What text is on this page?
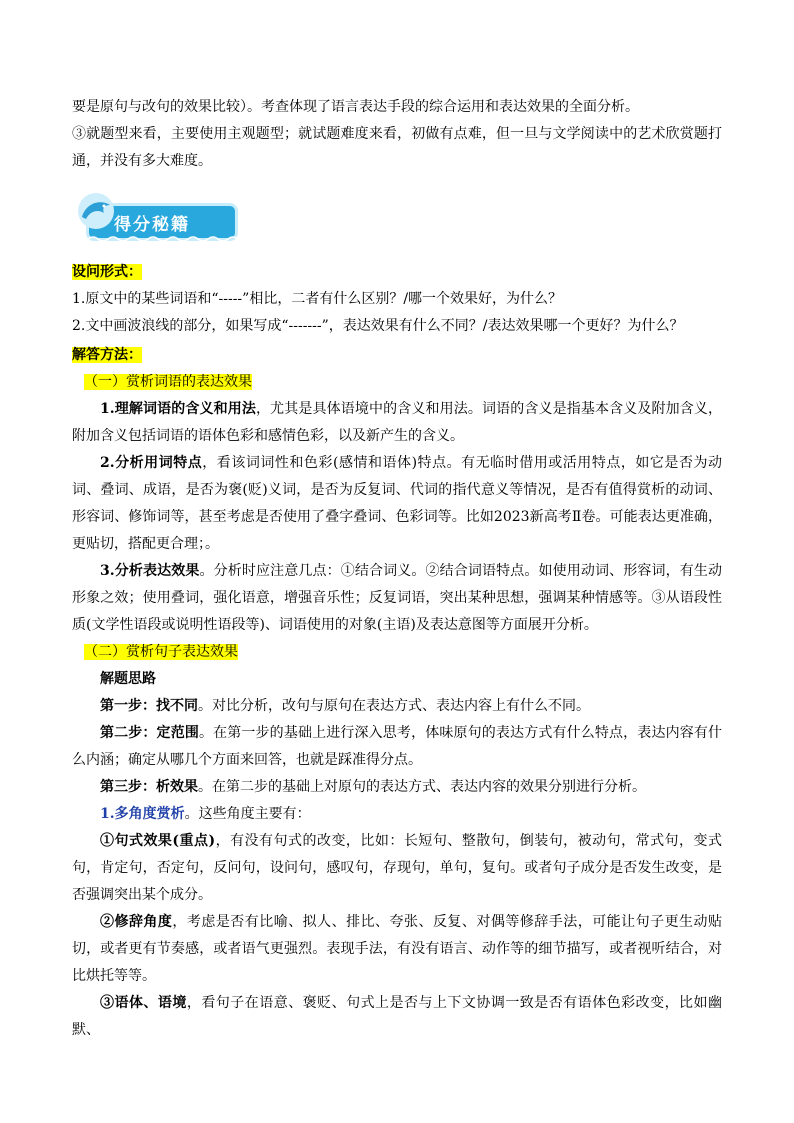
要是原句与改句的效果比较）。考查体现了语言表达手段的综合运用和表达效果的全面分析。

③就题型来看，主要使用主观题型；就试题难度来看，初做有点难，但一旦与文学阅读中的艺术欣赏题打通，并没有多大难度。

得分秘籍

设问形式：

1.原文中的某些词语和“-----”相比，二者有什么区别？/哪一个效果好，为什么？

2.文中画波浪线的部分，如果写成“-------”，表达效果有什么不同？/表达效果哪一个更好？为什么？

解答方法：

（一）赏析词语的表达效果

1.理解词语的含义和用法，尤其是具体语境中的含义和用法。词语的含义是指基本含义及附加含义，附加含义包括词语的语体色彩和感情色彩，以及新产生的含义。

2.分析用词特点，看该词词性和色彩(感情和语体)特点。有无临时借用或活用特点，如它是否为动词、叠词、成语，是否为褒(贬)义词，是否为反复词、代词的指代意义等情况，是否有值得赏析的动词、形容词、修饰词等，甚至考虑是否使用了叠字叠词、色彩词等。比如2023新高考Ⅱ卷。可能表达更准确，更贴切，搭配更合理；。

3.分析表达效果。分析时应注意几点：①结合词义。②结合词语特点。如使用动词、形容词，有生动形象之效；使用叠词，强化语意，增强音乐性；反复词语，突出某种思想，强调某种情感等。③从语段性质(文学性语段或说明性语段等)、词语使用的对象(主语)及表达意图等方面展开分析。

（二）赏析句子表达效果

解题思路

第一步：找不同。对比分析，改句与原句在表达方式、表达内容上有什么不同。

第二步：定范围。在第一步的基础上进行深入思考，体味原句的表达方式有什么特点，表达内容有什么内涵；确定从哪几个方面来回答，也就是踩准得分点。

第三步：析效果。在第二步的基础上对原句的表达方式、表达内容的效果分别进行分析。

1.多角度赏析。这些角度主要有：

①句式效果(重点)，有没有句式的改变，比如：长短句、整散句，倒装句，被动句，常式句，变式句，肯定句，否定句，反问句，设问句，感叹句，存现句，单句，复句。或者句子成分是否发生改变，是否强调突出某个成分。

②修辞角度，考虑是否有比喻、拟人、排比、夸张、反复、对偶等修辞手法，可能让句子更生动贴切，或者更有节奏感，或者语气更强烈。表现手法，有没有语言、动作等的细节描写，或者视听结合，对比烘托等等。

③语体、语境，看句子在语意、褒贬、句式上是否与上下文协调一致是否有语体色彩改变，比如幽默、
